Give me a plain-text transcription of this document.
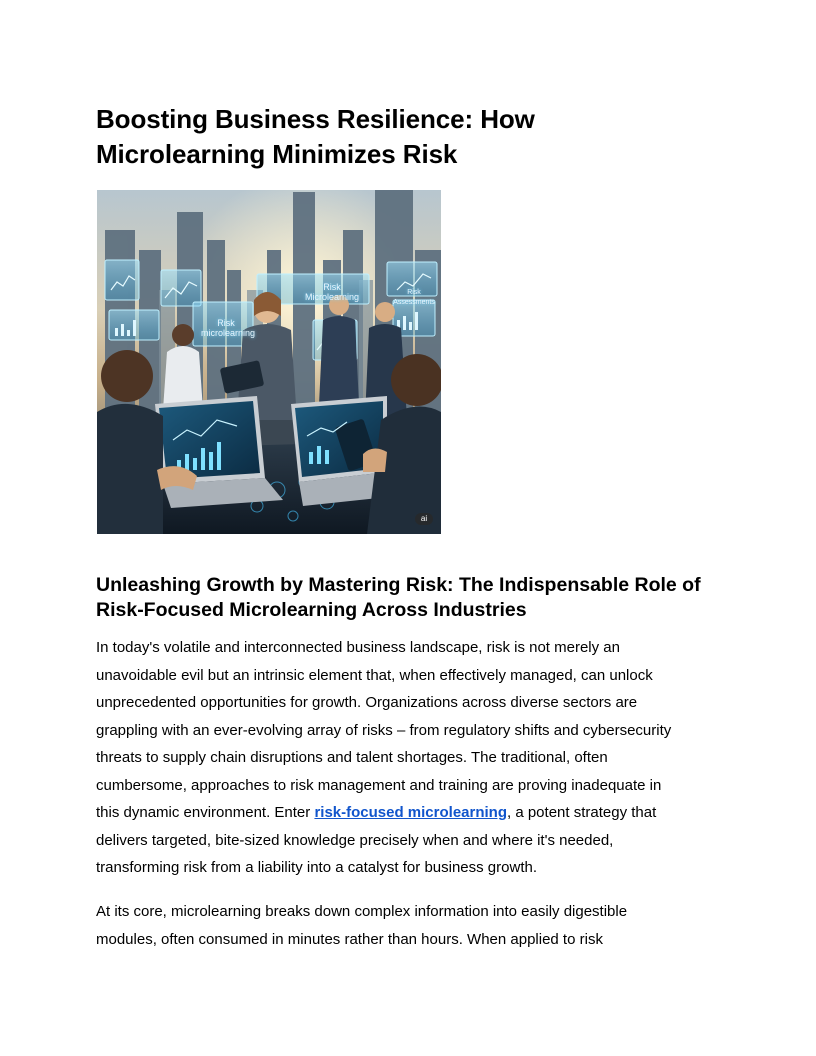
Boosting Business Resilience: How
Microlearning Minimizes Risk
Risk
microlearning
Risk
Microlearning	Risk Assessments
ai
Unleashing Growth by Mastering Risk: The Indispensable Role of
Risk-Focused Microlearning Across Industries

In today's volatile and interconnected business landscape, risk is not merely an
unavoidable evil but an intrinsic element that, when effectively managed, can unlock
unprecedented opportunities for growth. Organizations across diverse sectors are
grappling with an ever-evolving array of risks – from regulatory shifts and cybersecurity
threats to supply chain disruptions and talent shortages. The traditional, often
cumbersome, approaches to risk management and training are proving inadequate in
this dynamic environment. Enter risk-focused microlearning, a potent strategy that
delivers targeted, bite-sized knowledge precisely when and where it's needed,
transforming risk from a liability into a catalyst for business growth.

At its core, microlearning breaks down complex information into easily digestible
modules, often consumed in minutes rather than hours. When applied to risk
